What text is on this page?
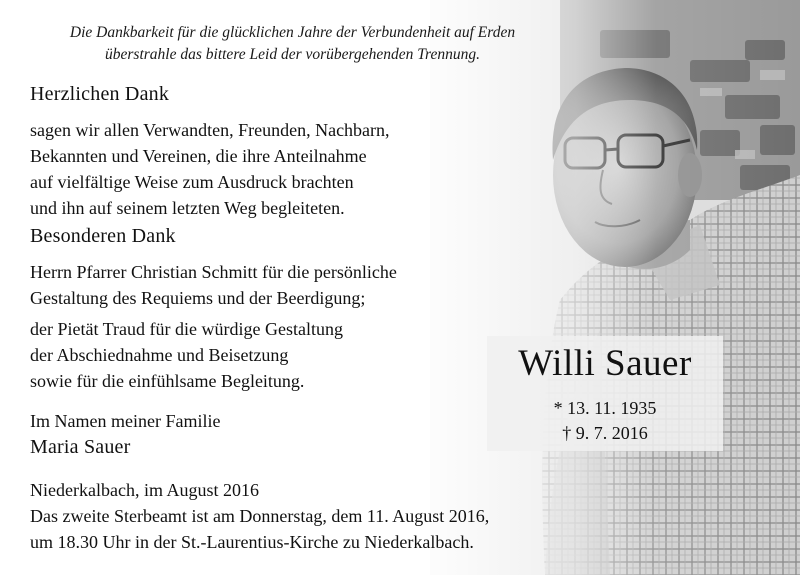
Die Dankbarkeit für die glücklichen Jahre der Verbundenheit auf Erden
überstrahle das bittere Leid der vorübergehenden Trennung.
Herzlichen Dank
sagen wir allen Verwandten, Freunden, Nachbarn,
Bekannten und Vereinen, die ihre Anteilnahme
auf vielfältige Weise zum Ausdruck brachten
und ihn auf seinem letzten Weg begleiteten.
Besonderen Dank
Herrn Pfarrer Christian Schmitt für die persönliche
Gestaltung des Requiems und der Beerdigung;
der Pietät Traud für die würdige Gestaltung
der Abschiednahme und Beisetzung
sowie für die einfühlsame Begleitung.
Im Namen meiner Familie
Maria Sauer
Niederkalbach, im August 2016
Das zweite Sterbeamt ist am Donnerstag, dem 11. August 2016,
um 18.30 Uhr in der St.-Laurentius-Kirche zu Niederkalbach.
Willi Sauer
* 13. 11. 1935
† 9. 7. 2016
